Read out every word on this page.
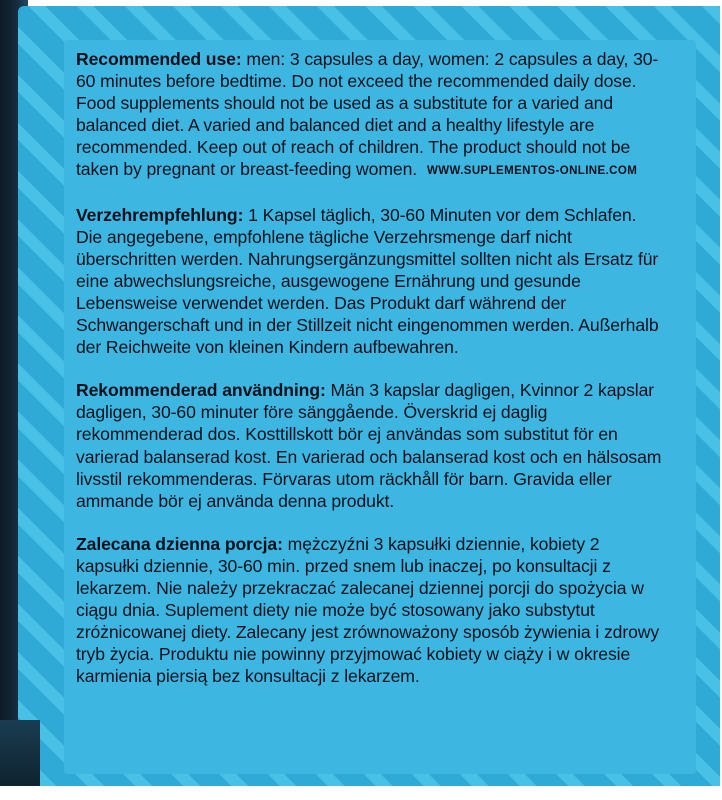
Recommended use: men: 3 capsules a day, women: 2 capsules a day, 30-60 minutes before bedtime. Do not exceed the recommended daily dose. Food supplements should not be used as a substitute for a varied and balanced diet. A varied and balanced diet and a healthy lifestyle are recommended. Keep out of reach of children. The product should not be taken by pregnant or breast-feeding women. WWW.SUPLEMENTOS-ONLINE.COM

Verzehrempfehlung: 1 Kapsel täglich, 30-60 Minuten vor dem Schlafen. Die angegebene, empfohlene tägliche Verzehrsmenge darf nicht überschritten werden. Nahrungsergänzungsmittel sollten nicht als Ersatz für eine abwechslungsreiche, ausgewogene Ernährung und gesunde Lebensweise verwendet werden. Das Produkt darf während der Schwangerschaft und in der Stillzeit nicht eingenommen werden. Außerhalb der Reichweite von kleinen Kindern aufbewahren.

Rekommenderad användning: Män 3 kapslar dagligen, Kvinnor 2 kapslar dagligen, 30-60 minuter före sänggående. Överskrid ej daglig rekommenderad dos. Kosttillskott bör ej användas som substitut för en varierad balanserad kost. En varierad och balanserad kost och en hälsosam livsstil rekommenderas. Förvaras utom räckhåll för barn. Gravida eller ammande bör ej använda denna produkt.

Zalecana dzienna porcja: mężczyźni 3 kapsułki dziennie, kobiety 2 kapsułki dziennie, 30-60 min. przed snem lub inaczej, po konsultacji z lekarzem. Nie należy przekraczać zalecanej dziennej porcji do spożycia w ciągu dnia. Suplement diety nie może być stosowany jako substytut zróżnicowanej diety. Zalecany jest zrównoważony sposób żywienia i zdrowy tryb życia. Produktu nie powinny przyjmować kobiety w ciąży i w okresie karmienia piersią bez konsultacji z lekarzem.
